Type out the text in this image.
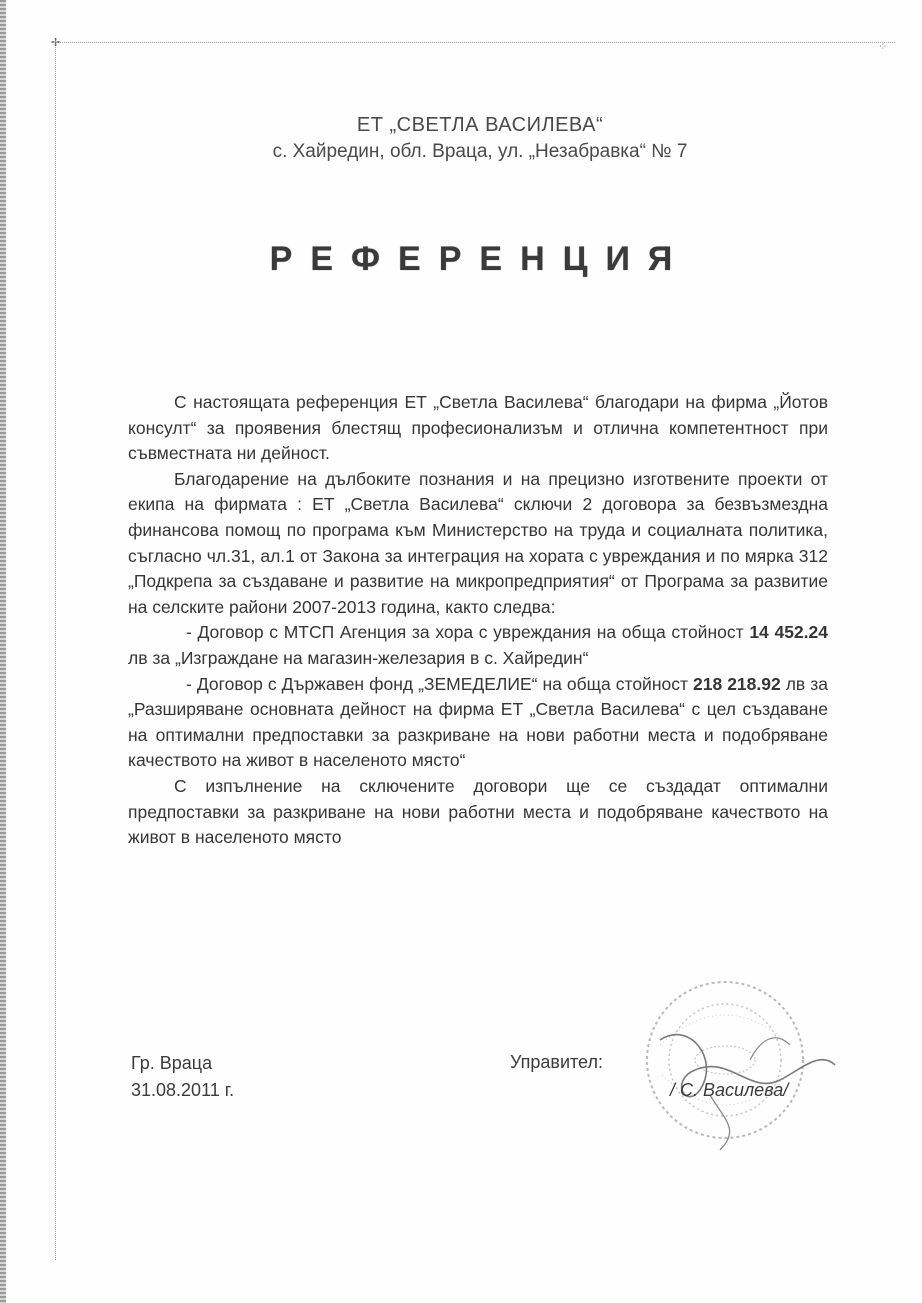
✢	⁘
ЕТ „СВЕТЛА ВАСИЛЕВА“
с. Хайредин, обл. Враца, ул. „Незабравка“ № 7
РЕФЕРЕНЦИЯ

С настоящата референция ЕТ „Светла Василева“ благодари на фирма „Йотов консулт“ за проявения блестящ професионализъм и отлична компетентност при съвместната ни дейност.

Благодарение на дълбоките познания и на прецизно изготвените проекти от екипа на фирмата : ЕТ „Светла Василева“ сключи 2 договора за безвъзмездна финансова помощ по програма към Министерство на труда и социалната политика, съгласно чл.31, ал.1 от Закона за интеграция на хората с увреждания и по мярка 312 „Подкрепа за създаване и развитие на микропредприятия“ от Програма за развитие на селските райони 2007-2013 година, както следва:

- Договор с МТСП Агенция за хора с увреждания на обща стойност 14 452.24 лв за „Изграждане на магазин-железария в с. Хайредин“

- Договор с Държавен фонд „ЗЕМЕДЕЛИЕ“ на обща стойност 218 218.92 лв за „Разширяване основната дейност на фирма ЕТ „Светла Василева“ с цел създаване на оптимални предпоставки за разкриване на нови работни места и подобряване качеството на живот в населеното място“

С изпълнение на сключените договори ще се създадат оптимални предпоставки за разкриване на нови работни места и подобряване качеството на живот в населеното място

Гр. Враца
31.08.2011 г.
Управител:
/ С. Василева/
